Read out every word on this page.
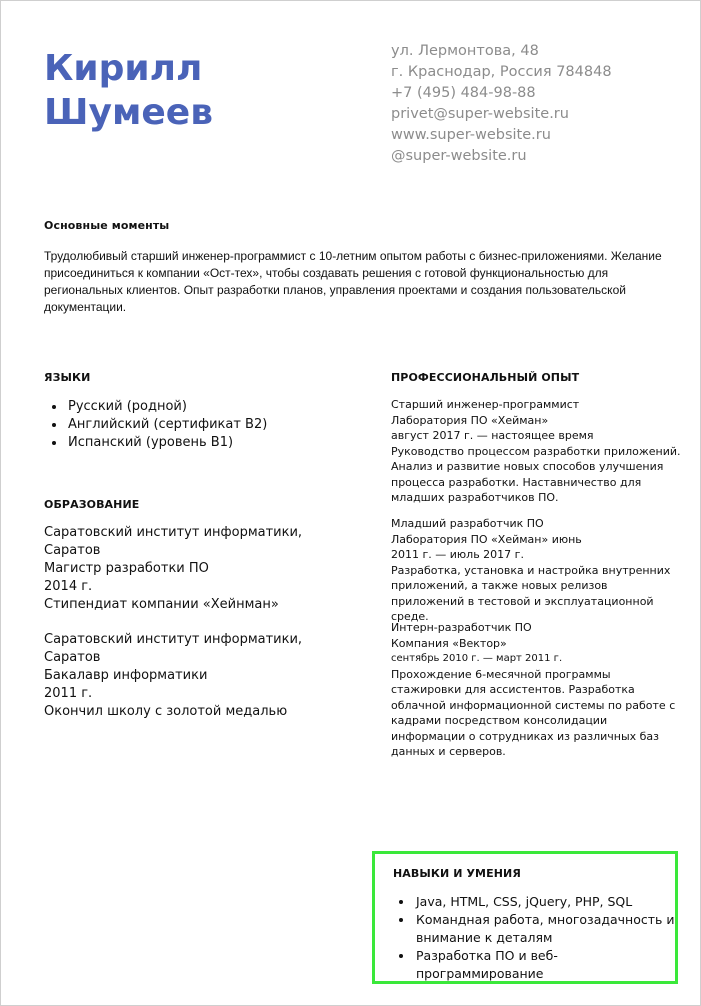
Кирилл
Шумеев
ул. Лермонтова, 48
г. Краснодар, Россия 784848
+7 (495) 484-98-88
privet@super-website.ru
www.super-website.ru
@super-website.ru
Основные моменты
Трудолюбивый старший инженер-программист с 10-летним опытом работы с бизнес-приложениями. Желание присоединиться к компании «Ост-тех», чтобы создавать решения с готовой функциональностью для региональных клиентов. Опыт разработки планов, управления проектами и создания пользовательской документации.
ЯЗЫКИ
• Русский (родной)
• Английский (сертификат B2)
• Испанский (уровень B1)
ОБРАЗОВАНИЕ
Саратовский институт информатики, Саратов
Магистр разработки ПО
2014 г.
Стипендиат компании «Хейнман»
Саратовский институт информатики, Саратов
Бакалавр информатики
2011 г.
Окончил школу с золотой медалью
ПРОФЕССИОНАЛЬНЫЙ ОПЫТ
Старший инженер-программист
Лаборатория ПО «Хейман»
август 2017 г. — настоящее время
Руководство процессом разработки приложений. Анализ и развитие новых способов улучшения процесса разработки. Наставничество для младших разработчиков ПО.
Младший разработчик ПО
Лаборатория ПО «Хейман» июнь
2011 г. — июль 2017 г.
Разработка, установка и настройка внутренних приложений, а также новых релизов приложений в тестовой и эксплуатационной среде.
Интерн-разработчик ПО
Компания «Вектор»
сентябрь 2010 г. — март 2011 г.
Прохождение 6-месячной программы стажировки для ассистентов. Разработка облачной информационной системы по работе с кадрами посредством консолидации информации о сотрудниках из различных баз данных и серверов.
НАВЫКИ И УМЕНИЯ
• Java, HTML, CSS, jQuery, PHP, SQL
• Командная работа, многозадачность и внимание к деталям
• Разработка ПО и веб-программирование
